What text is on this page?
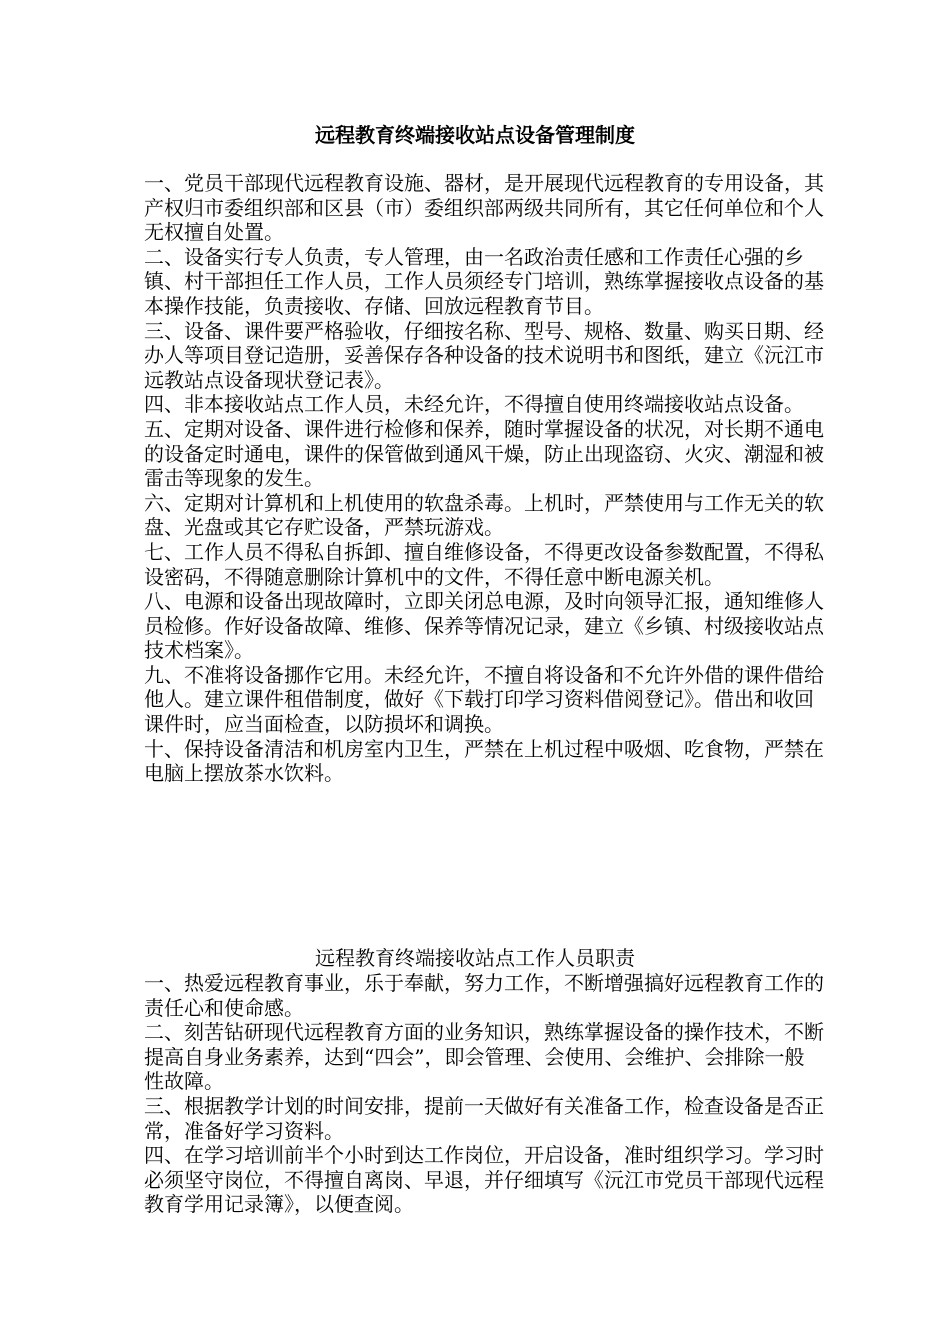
远程教育终端接收站点设备管理制度

一、党员干部现代远程教育设施、器材，是开展现代远程教育的专用设备，其产权归市委组织部和区县（市）委组织部两级共同所有，其它任何单位和个人无权擅自处置。

二、设备实行专人负责，专人管理，由一名政治责任感和工作责任心强的乡镇、村干部担任工作人员，工作人员须经专门培训，熟练掌握接收点设备的基本操作技能，负责接收、存储、回放远程教育节目。

三、设备、课件要严格验收，仔细按名称、型号、规格、数量、购买日期、经办人等项目登记造册，妥善保存各种设备的技术说明书和图纸，建立《沅江市远教站点设备现状登记表》。

四、非本接收站点工作人员，未经允许，不得擅自使用终端接收站点设备。

五、定期对设备、课件进行检修和保养，随时掌握设备的状况，对长期不通电的设备定时通电，课件的保管做到通风干燥，防止出现盗窃、火灾、潮湿和被雷击等现象的发生。

六、定期对计算机和上机使用的软盘杀毒。上机时，严禁使用与工作无关的软盘、光盘或其它存贮设备，严禁玩游戏。

七、工作人员不得私自拆卸、擅自维修设备，不得更改设备参数配置，不得私设密码，不得随意删除计算机中的文件，不得任意中断电源关机。

八、电源和设备出现故障时，立即关闭总电源，及时向领导汇报，通知维修人员检修。作好设备故障、维修、保养等情况记录，建立《乡镇、村级接收站点技术档案》。

九、不准将设备挪作它用。未经允许，不擅自将设备和不允许外借的课件借给他人。建立课件租借制度，做好《下载打印学习资料借阅登记》。借出和收回课件时，应当面检查，以防损坏和调换。

十、保持设备清洁和机房室内卫生，严禁在上机过程中吸烟、吃食物，严禁在电脑上摆放茶水饮料。

远程教育终端接收站点工作人员职责

一、热爱远程教育事业，乐于奉献，努力工作，不断增强搞好远程教育工作的责任心和使命感。

二、刻苦钻研现代远程教育方面的业务知识，熟练掌握设备的操作技术，不断提高自身业务素养，达到“四会”，即会管理、会使用、会维护、会排除一般性故障。

三、根据教学计划的时间安排，提前一天做好有关准备工作，检查设备是否正常，准备好学习资料。

四、在学习培训前半个小时到达工作岗位，开启设备，准时组织学习。学习时必须坚守岗位，不得擅自离岗、早退，并仔细填写《沅江市党员干部现代远程教育学用记录簿》，以便查阅。
